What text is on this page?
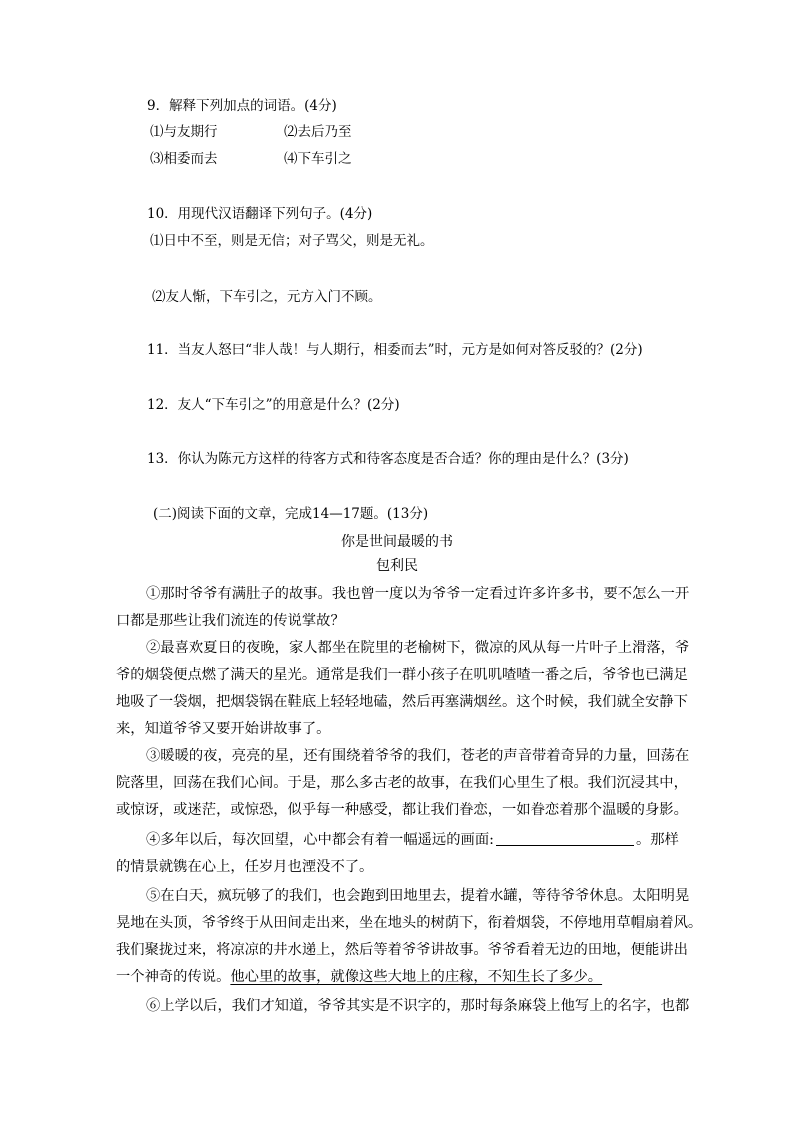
9．解释下列加点的词语。(4分)
⑴与友期行	⑵去后乃至
⑶相委而去	⑷下车引之
10．用现代汉语翻译下列句子。(4分)
⑴日中不至，则是无信；对子骂父，则是无礼。
⑵友人惭，下车引之，元方入门不顾。
11．当友人怒曰“非人哉！与人期行，相委而去”时，元方是如何对答反驳的？(2分)
12．友人“下车引之”的用意是什么？(2分)
13．你认为陈元方这样的待客方式和待客态度是否合适？你的理由是什么？(3分)
(二)阅读下面的文章，完成14—17题。(13分)
你是世间最暖的书
包利民
①那时爷爷有满肚子的故事。我也曾一度以为爷爷一定看过许多许多书，要不怎么一开
口都是那些让我们流连的传说掌故？
②最喜欢夏日的夜晚，家人都坐在院里的老榆树下，微凉的风从每一片叶子上滑落，爷
爷的烟袋便点燃了满天的星光。通常是我们一群小孩子在叽叽喳喳一番之后，爷爷也已满足
地吸了一袋烟，把烟袋锅在鞋底上轻轻地磕，然后再塞满烟丝。这个时候，我们就全安静下
来，知道爷爷又要开始讲故事了。
③暖暖的夜，亮亮的星，还有围绕着爷爷的我们，苍老的声音带着奇异的力量，回荡在
院落里，回荡在我们心间。于是，那么多古老的故事，在我们心里生了根。我们沉浸其中，
或惊讶，或迷茫，或惊恐，似乎每一种感受，都让我们眷恋，一如眷恋着那个温暖的身影。
④多年以后，每次回望，心中都会有着一幅遥远的画面:	。那样
的情景就镌在心上，任岁月也湮没不了。
⑤在白天，疯玩够了的我们，也会跑到田地里去，提着水罐，等待爷爷休息。太阳明晃
晃地在头顶，爷爷终于从田间走出来，坐在地头的树荫下，衔着烟袋，不停地用草帽扇着风。
我们聚拢过来，将凉凉的井水递上，然后等着爷爷讲故事。爷爷看着无边的田地，便能讲出
一个神奇的传说。他心里的故事，就像这些大地上的庄稼，不知生长了多少。
⑥上学以后，我们才知道，爷爷其实是不识字的，那时每条麻袋上他写上的名字，也都
